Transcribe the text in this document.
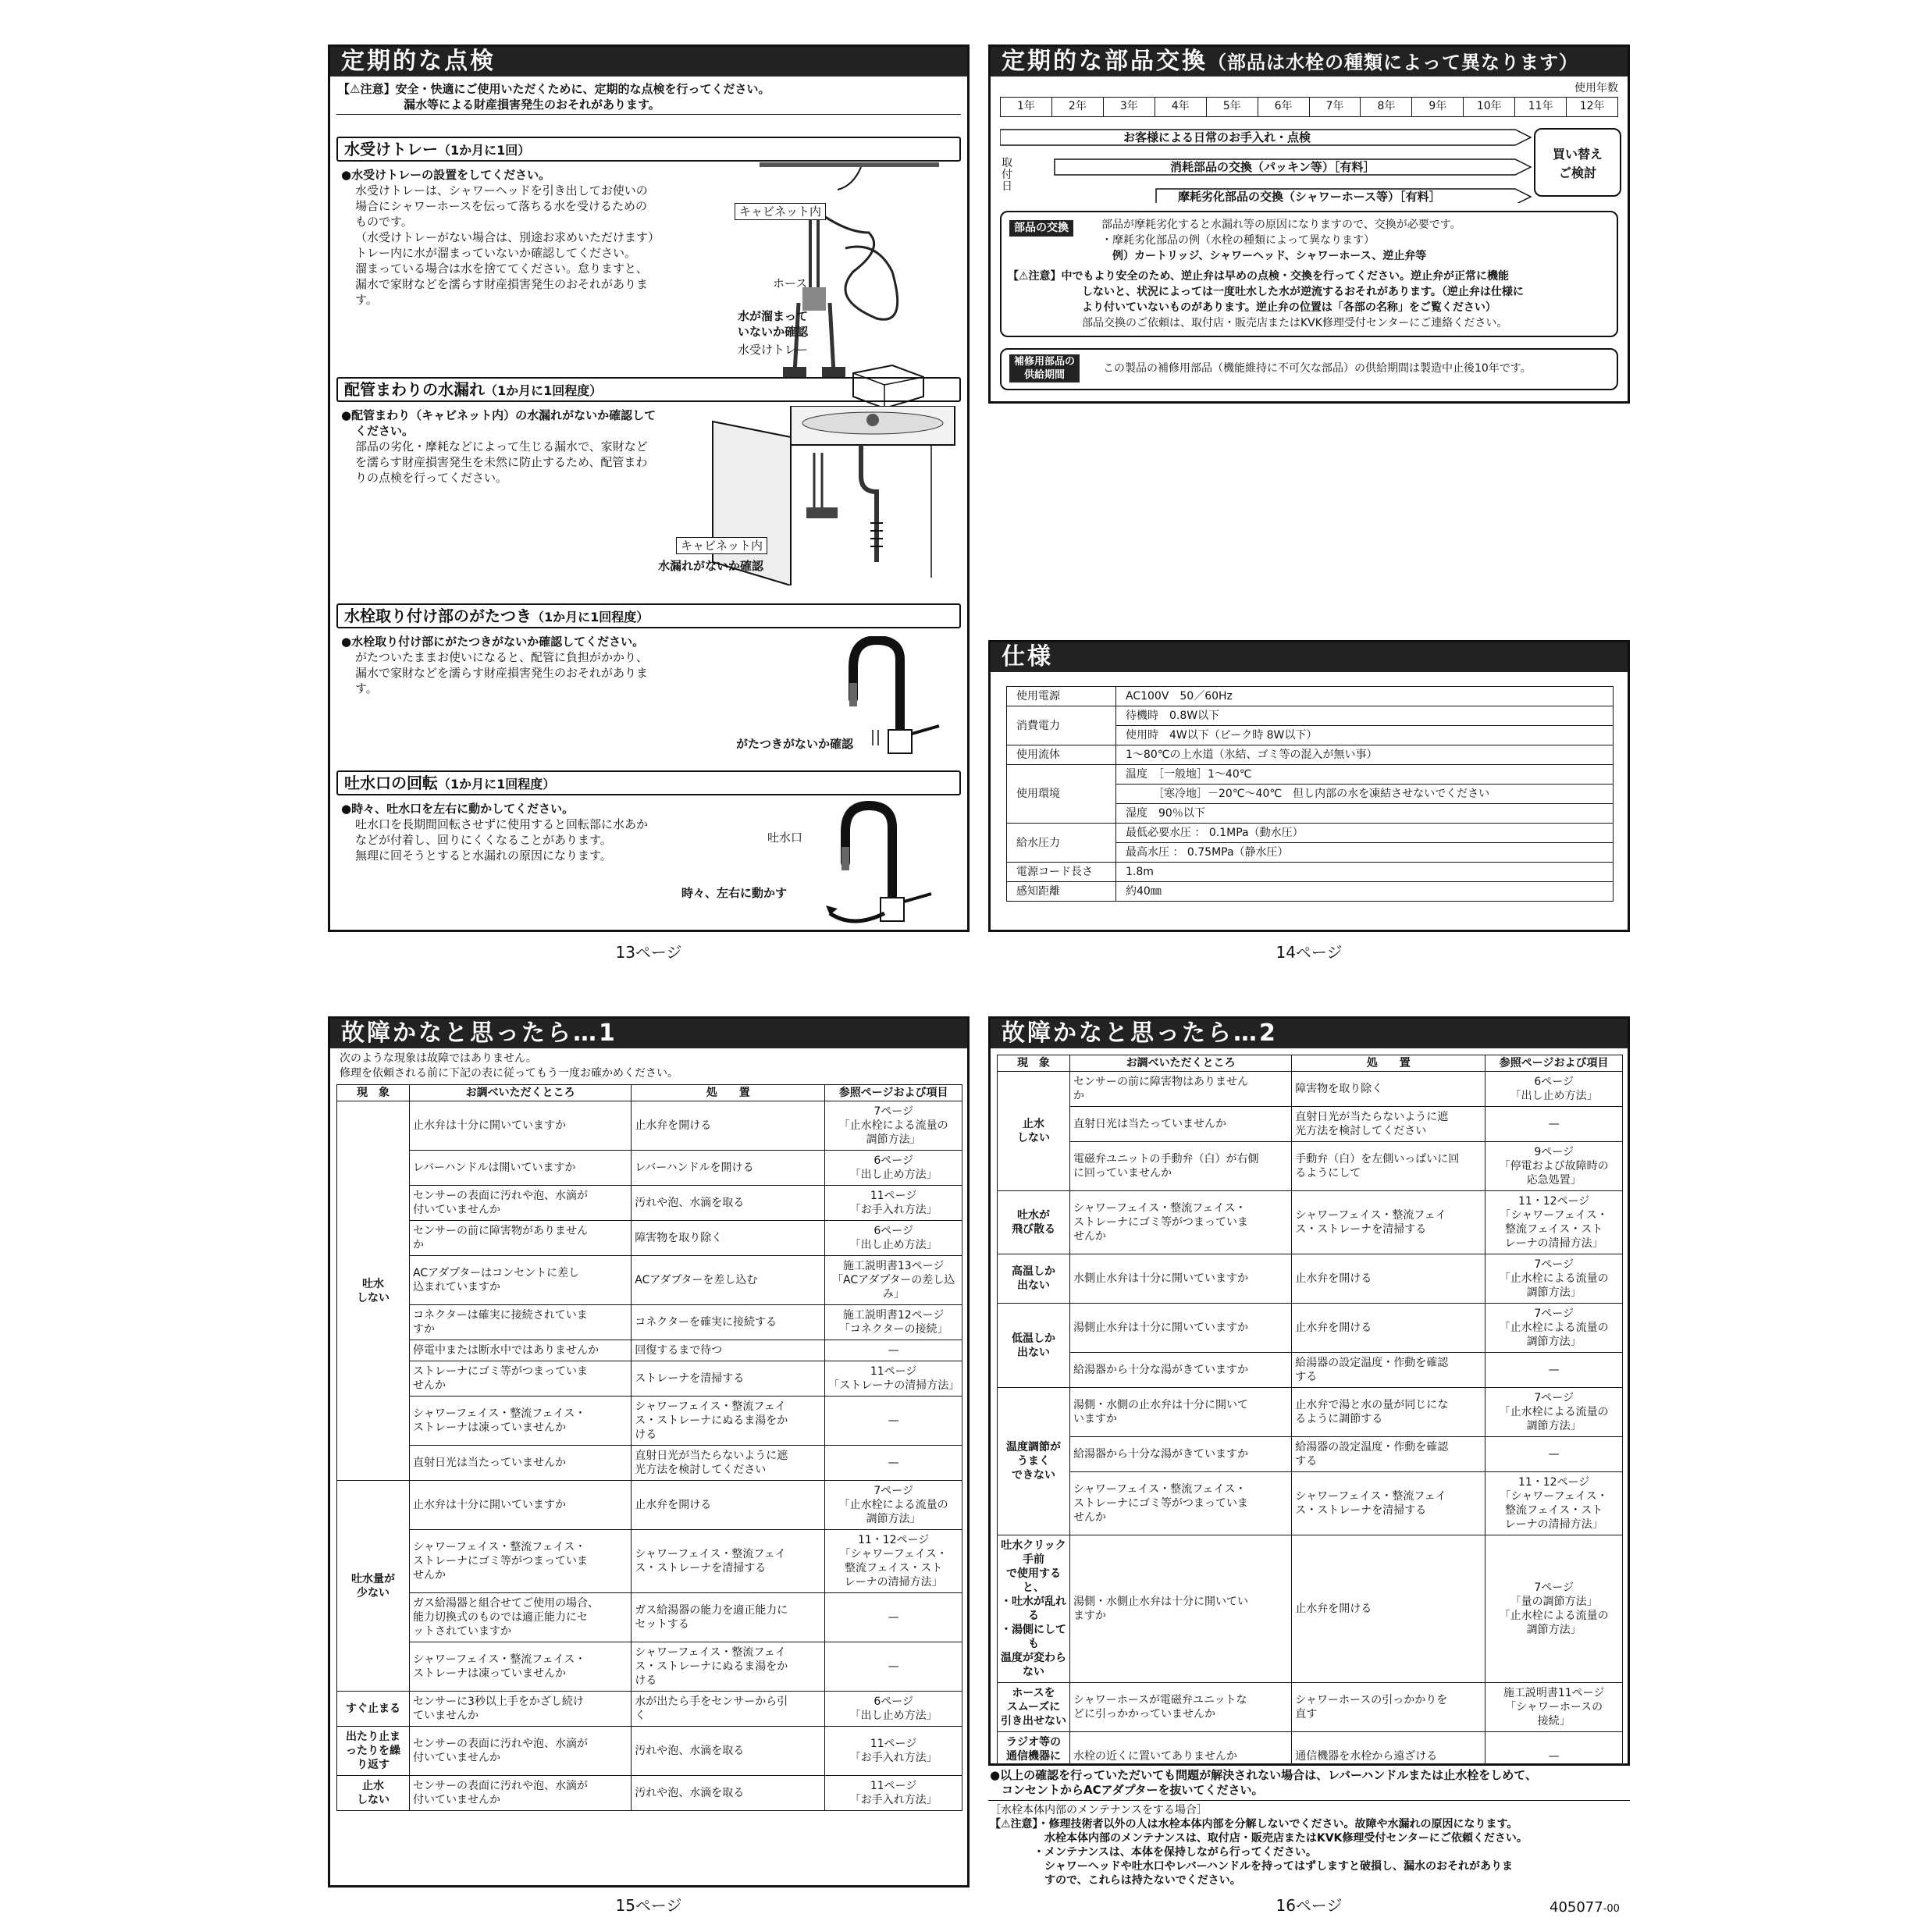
定期的な点検
【⚠注意】安全・快適にご使用いただくために、定期的な点検を行ってください。
漏水等による財産損害発生のおそれがあります。
水受けトレー（1か月に1回）
●水受けトレーの設置をしてください。
水受けトレーは、シャワーヘッドを引き出してお使いの
場合にシャワーホースを伝って落ちる水を受けるための
ものです。
（水受けトレーがない場合は、別途お求めいただけます）
トレー内に水が溜まっていないか確認してください。
溜まっている場合は水を捨ててください。怠りますと、
漏水で家財などを濡らす財産損害発生のおそれがありま
す。
キャビネット内
ホース
水が溜まって
いないか確認
水受けトレー
配管まわりの水漏れ（1か月に1回程度）
●配管まわり（キャビネット内）の水漏れがないか確認して
ください。
部品の劣化・摩耗などによって生じる漏水で、家財など
を濡らす財産損害発生を未然に防止するため、配管まわ
りの点検を行ってください。
キャビネット内
水漏れがないか確認
水栓取り付け部のがたつき（1か月に1回程度）
●水栓取り付け部にがたつきがないか確認してください。
がたついたままお使いになると、配管に負担がかかり、
漏水で家財などを濡らす財産損害発生のおそれがありま
す。
がたつきがないか確認
吐水口の回転（1か月に1回程度）
●時々、吐水口を左右に動かしてください。
吐水口を長期間回転させずに使用すると回転部に水あか
などが付着し、回りにくくなることがあります。
無理に回そうとすると水漏れの原因になります。
吐水口
時々、左右に動かす
13ページ
定期的な部品交換（部品は水栓の種類によって異なります）
使用年数
1年	2年	3年	4年	5年	6年	7年	8年	9年	10年	11年	12年
お客様による日常のお手入れ・点検
消耗部品の交換（パッキン等）［有料］
摩耗劣化部品の交換（シャワーホース等）［有料］
取付日
買い替え
ご検討
部品の交換	部品が摩耗劣化すると水漏れ等の原因になりますので、交換が必要です。
・摩耗劣化部品の例（水栓の種類によって異なります）
　例）カートリッジ、シャワーヘッド、シャワーホース、逆止弁等
【⚠注意】中でもより安全のため、逆止弁は早めの点検・交換を行ってください。逆止弁が正常に機能
しないと、状況によっては一度吐水した水が逆流するおそれがあります。（逆止弁は仕様に
より付いていないものがあります。逆止弁の位置は「各部の名称」をご覧ください）
部品交換のご依頼は、取付店・販売店またはKVK修理受付センターにご連絡ください。
補修用部品の
供給期間
この製品の補修用部品（機能維持に不可欠な部品）の供給期間は製造中止後10年です。
仕様
使用電源	AC100V　50／60Hz
消費電力	待機時　0.8W以下
	使用時　4W以下（ピーク時 8W以下）
使用流体	1～80℃の上水道（氷結、ゴミ等の混入が無い事）
使用環境	温度　［一般地］1～40℃
	　　　［寒冷地］－20℃～40℃　但し内部の水を凍結させないでください
	湿度　90％以下
給水圧力	最低必要水圧 ： 0.1MPa（動水圧）
	最高水圧 ： 0.75MPa（静水圧）
電源コード長さ	1.8m
感知距離	約40㎜
14ページ
故障かなと思ったら…1
次のような現象は故障ではありません。
修理を依頼される前に下記の表に従ってもう一度お確かめください。
現　象	お調べいただくところ	処　　置	参照ページおよび項目
吐水
しない	止水弁は十分に開いていますか	止水弁を開ける	7ページ
「止水栓による流量の
調節方法」
	レバーハンドルは開いていますか	レバーハンドルを開ける	6ページ
「出し止め方法」
	センサーの表面に汚れや泡、水滴が
付いていませんか	汚れや泡、水滴を取る	11ページ
「お手入れ方法」
	センサーの前に障害物がありません
か	障害物を取り除く	6ページ
「出し止め方法」
	ACアダプターはコンセントに差し
込まれていますか	ACアダプターを差し込む	施工説明書13ページ
「ACアダプターの差し込み」
	コネクターは確実に接続されていま
すか	コネクターを確実に接続する	施工説明書12ページ
「コネクターの接続」
	停電中または断水中ではありませんか	回復するまで待つ	—
	ストレーナにゴミ等がつまっていま
せんか	ストレーナを清掃する	11ページ
「ストレーナの清掃方法」
	シャワーフェイス・整流フェイス・
ストレーナは凍っていませんか	シャワーフェイス・整流フェイ
ス・ストレーナにぬるま湯をか
ける	—
	直射日光は当たっていませんか	直射日光が当たらないように遮
光方法を検討してください	—
吐水量が
少ない	止水弁は十分に開いていますか	止水弁を開ける	7ページ
「止水栓による流量の
調節方法」
	シャワーフェイス・整流フェイス・
ストレーナにゴミ等がつまっていま
せんか	シャワーフェイス・整流フェイ
ス・ストレーナを清掃する	11・12ページ
「シャワーフェイス・
整流フェイス・スト
レーナの清掃方法」
	ガス給湯器と組合せてご使用の場合、
能力切換式のものでは適正能力にセ
ットされていますか	ガス給湯器の能力を適正能力に
セットする	—
	シャワーフェイス・整流フェイス・
ストレーナは凍っていませんか	シャワーフェイス・整流フェイ
ス・ストレーナにぬるま湯をか
ける	—
すぐ止まる	センサーに3秒以上手をかざし続け
ていませんか	水が出たら手をセンサーから引
く	6ページ
「出し止め方法」
出たり止ま
ったりを繰
り返す	センサーの表面に汚れや泡、水滴が
付いていませんか	汚れや泡、水滴を取る	11ページ
「お手入れ方法」
止水
しない	センサーの表面に汚れや泡、水滴が
付いていませんか	汚れや泡、水滴を取る	11ページ
「お手入れ方法」
15ページ
故障かなと思ったら…2
現　象	お調べいただくところ	処　　置	参照ページおよび項目
止水
しない	センサーの前に障害物はありません
か	障害物を取り除く	6ページ
「出し止め方法」
	直射日光は当たっていませんか	直射日光が当たらないように遮
光方法を検討してください	—
	電磁弁ユニットの手動弁（白）が右側
に回っていませんか	手動弁（白）を左側いっぱいに回
るようにして	9ページ
「停電および故障時の
応急処置」
吐水が
飛び散る	シャワーフェイス・整流フェイス・
ストレーナにゴミ等がつまっていま
せんか	シャワーフェイス・整流フェイ
ス・ストレーナを清掃する	11・12ページ
「シャワーフェイス・
整流フェイス・スト
レーナの清掃方法」
高温しか
出ない	水側止水弁は十分に開いていますか	止水弁を開ける	7ページ
「止水栓による流量の
調節方法」
低温しか
出ない	湯側止水弁は十分に開いていますか	止水弁を開ける	7ページ
「止水栓による流量の
調節方法」
	給湯器から十分な湯がきていますか	給湯器の設定温度・作動を確認
する	—
温度調節が
うまく
できない	湯側・水側の止水弁は十分に開いて
いますか	止水弁で湯と水の量が同じにな
るように調節する	7ページ
「止水栓による流量の
調節方法」
	給湯器から十分な湯がきていますか	給湯器の設定温度・作動を確認
する	—
	シャワーフェイス・整流フェイス・
ストレーナにゴミ等がつまっていま
せんか	シャワーフェイス・整流フェイ
ス・ストレーナを清掃する	11・12ページ
「シャワーフェイス・
整流フェイス・スト
レーナの清掃方法」
吐水クリック手前
で使用すると、
・吐水が乱れる
・湯側にしても
温度が変わらない	湯側・水側止水弁は十分に開いてい
ますか	止水弁を開ける	7ページ
「量の調節方法」
「止水栓による流量の
調節方法」
ホースを
スムーズに
引き出せない	シャワーホースが電磁弁ユニットな
どに引っかかっていませんか	シャワーホースの引っかかりを
直す	施工説明書11ページ
「シャワーホースの
接続」
ラジオ等の
通信機器に	水栓の近くに置いてありませんか	通信機器を水栓から遠ざける	—
●以上の確認を行っていただいても問題が解決されない場合は、レバーハンドルまたは止水栓をしめて、
　コンセントからACアダプターを抜いてください。
［水栓本体内部のメンテナンスをする場合］
【⚠注意】・修理技術者以外の人は水栓本体内部を分解しないでください。故障や水漏れの原因になります。
　　　　　水栓本体内部のメンテナンスは、取付店・販売店またはKVK修理受付センターにご依頼ください。
　　　　・メンテナンスは、本体を保持しながら行ってください。
　　　　　シャワーヘッドや吐水口やレバーハンドルを持ってはずしますと破損し、漏水のおそれがありま
　　　　　すので、これらは持たないでください。
16ページ	405077-00
